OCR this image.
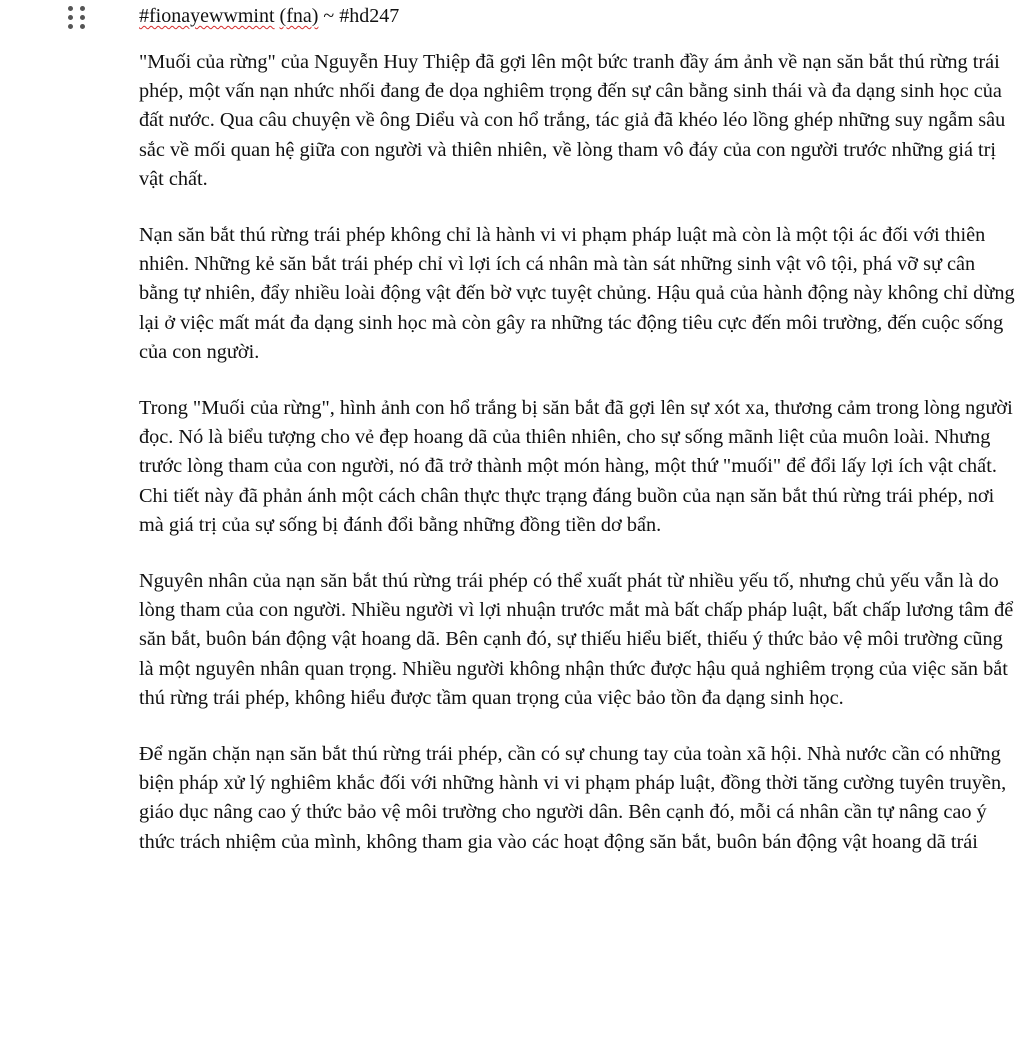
#fionayewwmint (fna) ~ #hd247

"Muối của rừng" của Nguyễn Huy Thiệp đã gợi lên một bức tranh đầy ám ảnh về nạn săn bắt thú rừng trái phép, một vấn nạn nhức nhối đang đe dọa nghiêm trọng đến sự cân bằng sinh thái và đa dạng sinh học của đất nước. Qua câu chuyện về ông Diểu và con hổ trắng, tác giả đã khéo léo lồng ghép những suy ngẫm sâu sắc về mối quan hệ giữa con người và thiên nhiên, về lòng tham vô đáy của con người trước những giá trị vật chất.

Nạn săn bắt thú rừng trái phép không chỉ là hành vi vi phạm pháp luật mà còn là một tội ác đối với thiên nhiên. Những kẻ săn bắt trái phép chỉ vì lợi ích cá nhân mà tàn sát những sinh vật vô tội, phá vỡ sự cân bằng tự nhiên, đẩy nhiều loài động vật đến bờ vực tuyệt chủng. Hậu quả của hành động này không chỉ dừng lại ở việc mất mát đa dạng sinh học mà còn gây ra những tác động tiêu cực đến môi trường, đến cuộc sống của con người.

Trong "Muối của rừng", hình ảnh con hổ trắng bị săn bắt đã gợi lên sự xót xa, thương cảm trong lòng người đọc. Nó là biểu tượng cho vẻ đẹp hoang dã của thiên nhiên, cho sự sống mãnh liệt của muôn loài. Nhưng trước lòng tham của con người, nó đã trở thành một món hàng, một thứ "muối" để đổi lấy lợi ích vật chất. Chi tiết này đã phản ánh một cách chân thực thực trạng đáng buồn của nạn săn bắt thú rừng trái phép, nơi mà giá trị của sự sống bị đánh đổi bằng những đồng tiền dơ bẩn.

Nguyên nhân của nạn săn bắt thú rừng trái phép có thể xuất phát từ nhiều yếu tố, nhưng chủ yếu vẫn là do lòng tham của con người. Nhiều người vì lợi nhuận trước mắt mà bất chấp pháp luật, bất chấp lương tâm để săn bắt, buôn bán động vật hoang dã. Bên cạnh đó, sự thiếu hiểu biết, thiếu ý thức bảo vệ môi trường cũng là một nguyên nhân quan trọng. Nhiều người không nhận thức được hậu quả nghiêm trọng của việc săn bắt thú rừng trái phép, không hiểu được tầm quan trọng của việc bảo tồn đa dạng sinh học.

Để ngăn chặn nạn săn bắt thú rừng trái phép, cần có sự chung tay của toàn xã hội. Nhà nước cần có những biện pháp xử lý nghiêm khắc đối với những hành vi vi phạm pháp luật, đồng thời tăng cường tuyên truyền, giáo dục nâng cao ý thức bảo vệ môi trường cho người dân. Bên cạnh đó, mỗi cá nhân cần tự nâng cao ý thức trách nhiệm của mình, không tham gia vào các hoạt động săn bắt, buôn bán động vật hoang dã trái
